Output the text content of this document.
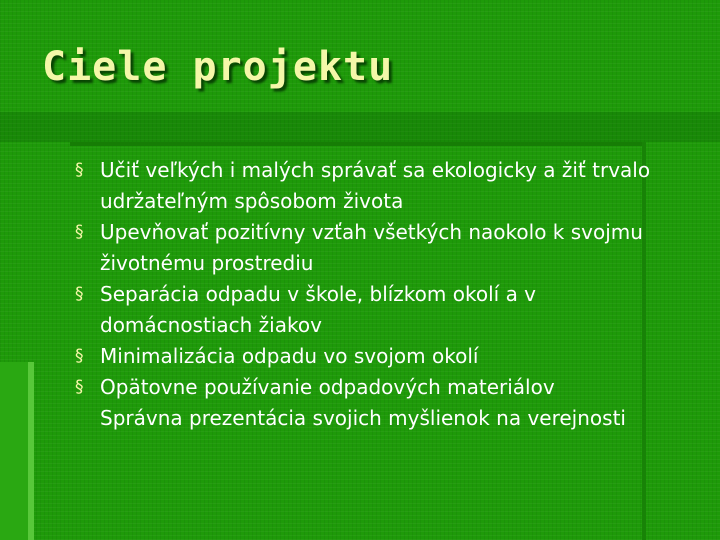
Ciele projektu
§ Učiť veľkých i malých správať sa ekologicky a žiť trvalo udržateľným spôsobom života
§ Upevňovať pozitívny vzťah všetkých naokolo k svojmu životnému prostrediu
§ Separácia odpadu v škole, blízkom okolí a v domácnostiach žiakov
§ Minimalizácia odpadu vo svojom okolí
§ Opätovne používanie odpadových materiálov
Správna prezentácia svojich myšlienok na verejnosti
